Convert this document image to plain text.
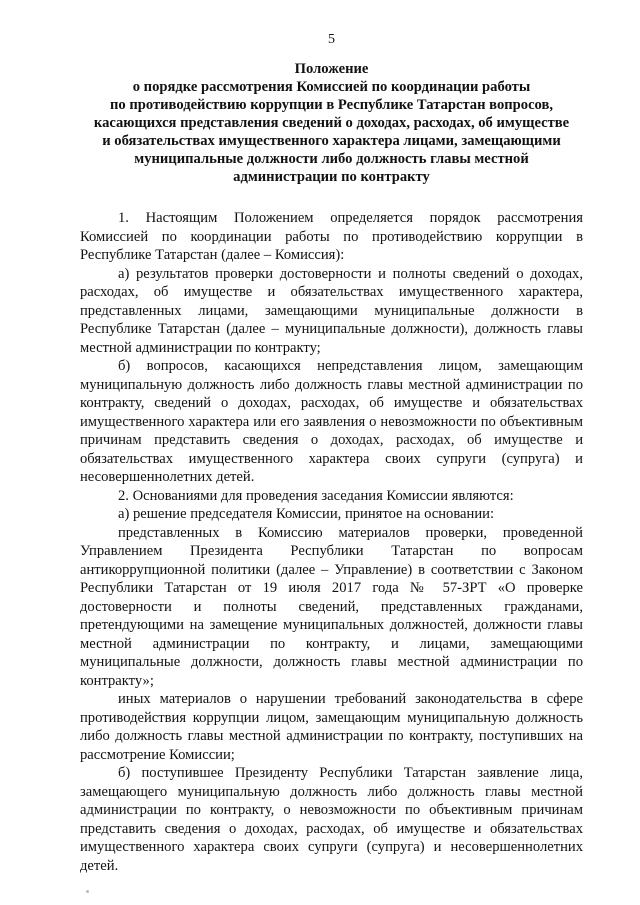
5
Положение
о порядке рассмотрения Комиссией по координации работы
по противодействию коррупции в Республике Татарстан вопросов,
касающихся представления сведений о доходах, расходах, об имуществе
и обязательствах имущественного характера лицами, замещающими
муниципальные должности либо должность главы местной
администрации по контракту

1. Настоящим Положением определяется порядок рассмотрения Комиссией по координации работы по противодействию коррупции в Республике Татарстан (далее – Комиссия):

а) результатов проверки достоверности и полноты сведений о доходах, расходах, об имуществе и обязательствах имущественного характера, представленных лицами, замещающими муниципальные должности в Республике Татарстан (далее – муниципальные должности), должность главы местной администрации по контракту;

б) вопросов, касающихся непредставления лицом, замещающим муниципальную должность либо должность главы местной администрации по контракту, сведений о доходах, расходах, об имуществе и обязательствах имущественного характера или его заявления о невозможности по объективным причинам представить сведения о доходах, расходах, об имуществе и обязательствах имущественного характера своих супруги (супруга) и несовершеннолетних детей.

2. Основаниями для проведения заседания Комиссии являются:

а) решение председателя Комиссии, принятое на основании:

представленных в Комиссию материалов проверки, проведенной Управлением Президента Республики Татарстан по вопросам антикоррупционной политики (далее – Управление) в соответствии с Законом Республики Татарстан от 19 июля 2017 года № 57-ЗРТ «О проверке достоверности и полноты сведений, представленных гражданами, претендующими на замещение муниципальных должностей, должности главы местной администрации по контракту, и лицами, замещающими муниципальные должности, должность главы местной администрации по контракту»;

иных материалов о нарушении требований законодательства в сфере противодействия коррупции лицом, замещающим муниципальную должность либо должность главы местной администрации по контракту, поступивших на рассмотрение Комиссии;

б) поступившее Президенту Республики Татарстан заявление лица, замещающего муниципальную должность либо должность главы местной администрации по контракту, о невозможности по объективным причинам представить сведения о доходах, расходах, об имуществе и обязательствах имущественного характера своих супруги (супруга) и несовершеннолетних детей.
